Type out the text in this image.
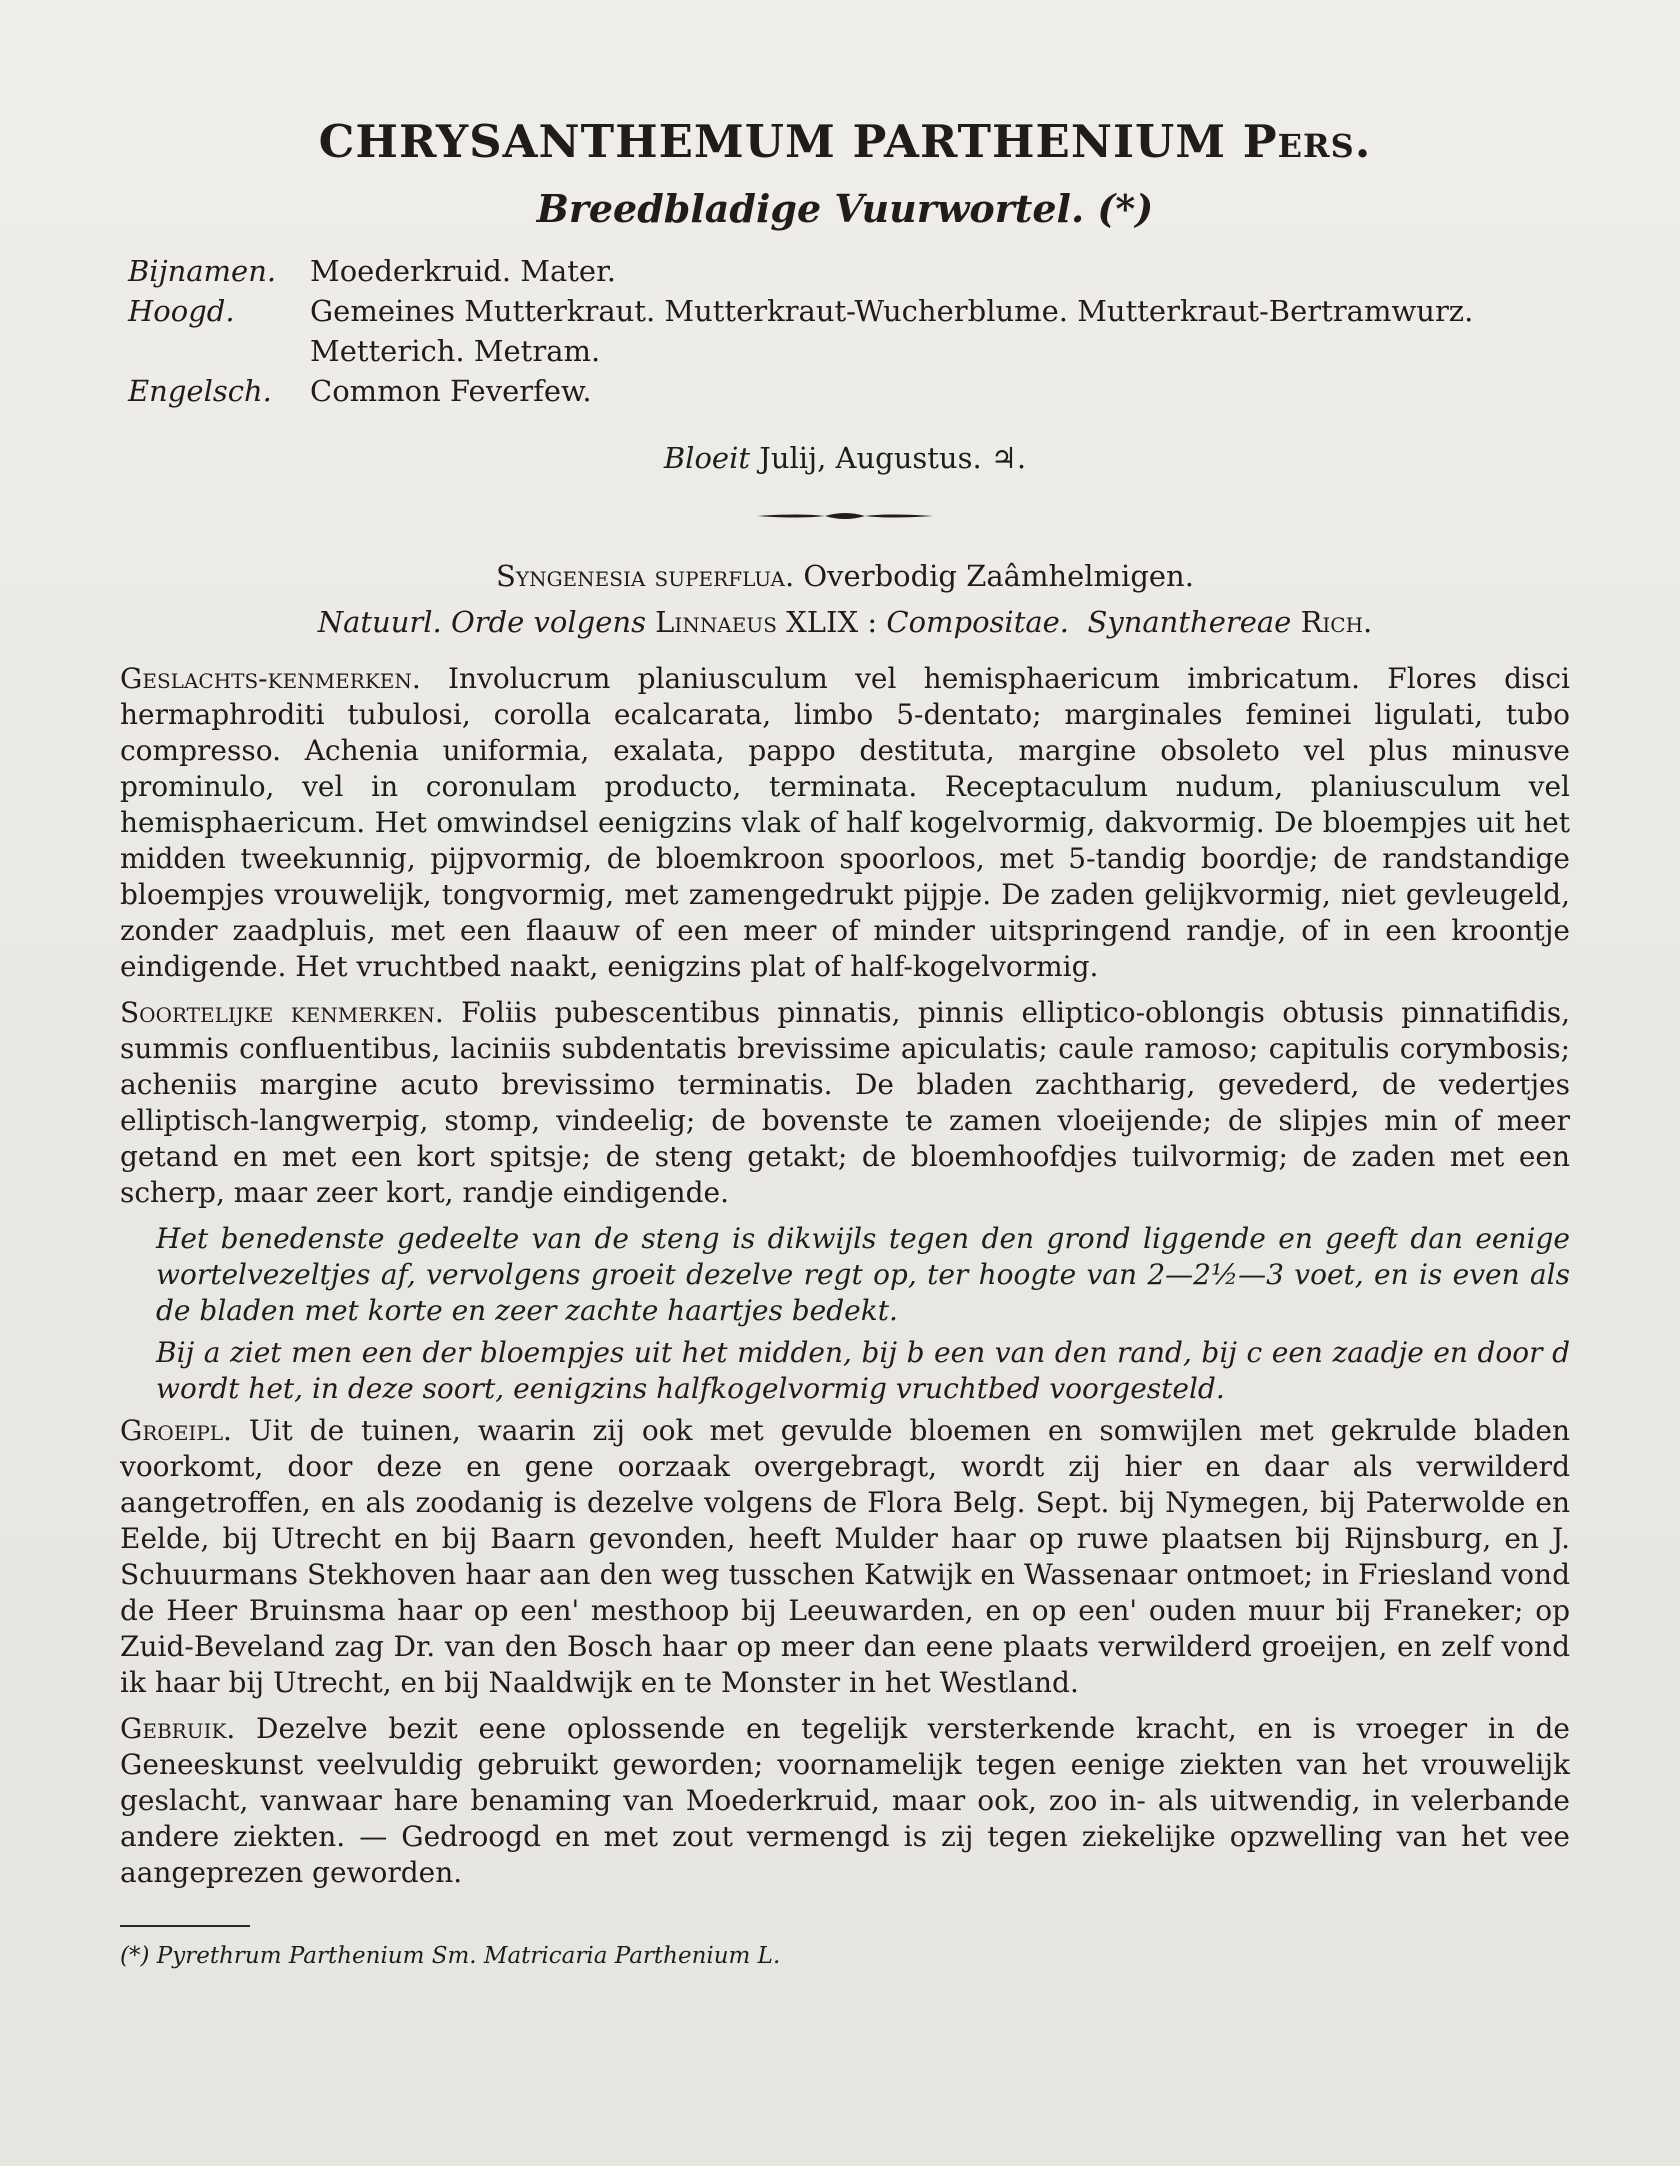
CHRYSANTHEMUM PARTHENIUM Pers.
Breedbladige Vuurwortel. (*)
Bijnamen.	Moederkruid. Mater.
Hoogd.	Gemeines Mutterkraut. Mutterkraut-Wucherblume. Mutterkraut-Bertramwurz. Metterich. Metram.
Engelsch.	Common Feverfew.
Bloeit Julij, Augustus. ♃.
Syngenesia superflua. Overbodig Zaâmhelmigen.
Natuurl. Orde volgens Linnaeus XLIX : Compositae. Synanthereae Rich.

Geslachts-kenmerken. Involucrum planiusculum vel hemisphaericum imbricatum. Flores disci hermaphroditi tubulosi, corolla ecalcarata, limbo 5-dentato; marginales feminei ligulati, tubo compresso. Achenia uniformia, exalata, pappo destituta, margine obsoleto vel plus minusve prominulo, vel in coronulam producto, terminata. Receptaculum nudum, planiusculum vel hemisphaericum. Het omwindsel eenigzins vlak of half kogelvormig, dakvormig. De bloempjes uit het midden tweekunnig, pijpvormig, de bloemkroon spoorloos, met 5-tandig boordje; de randstandige bloempjes vrouwelijk, tongvormig, met zamengedrukt pijpje. De zaden gelijkvormig, niet gevleugeld, zonder zaadpluis, met een flaauw of een meer of minder uitspringend randje, of in een kroontje eindigende. Het vruchtbed naakt, eenigzins plat of half-kogelvormig.

Soortelijke kenmerken. Foliis pubescentibus pinnatis, pinnis elliptico-oblongis obtusis pinnatifidis, summis confluentibus, laciniis subdentatis brevissime apiculatis; caule ramoso; capitulis corymbosis; acheniis margine acuto brevissimo terminatis. De bladen zachtharig, gevederd, de vedertjes elliptisch-langwerpig, stomp, vindeelig; de bovenste te zamen vloeijende; de slipjes min of meer getand en met een kort spitsje; de steng getakt; de bloemhoofdjes tuilvormig; de zaden met een scherp, maar zeer kort, randje eindigende.

Het benedenste gedeelte van de steng is dikwijls tegen den grond liggende en geeft dan eenige wortelvezeltjes af, vervolgens groeit dezelve regt op, ter hoogte van 2—2½—3 voet, en is even als de bladen met korte en zeer zachte haartjes bedekt.

Bij a ziet men een der bloempjes uit het midden, bij b een van den rand, bij c een zaadje en door d wordt het, in deze soort, eenigzins halfkogelvormig vruchtbed voorgesteld.

Groeipl. Uit de tuinen, waarin zij ook met gevulde bloemen en somwijlen met gekrulde bladen voorkomt, door deze en gene oorzaak overgebragt, wordt zij hier en daar als verwilderd aangetroffen, en als zoodanig is dezelve volgens de Flora Belg. Sept. bij Nymegen, bij Paterwolde en Eelde, bij Utrecht en bij Baarn gevonden, heeft Mulder haar op ruwe plaatsen bij Rijnsburg, en J. Schuurmans Stekhoven haar aan den weg tusschen Katwijk en Wassenaar ontmoet; in Friesland vond de Heer Bruinsma haar op een' mesthoop bij Leeuwarden, en op een' ouden muur bij Franeker; op Zuid-Beveland zag Dr. van den Bosch haar op meer dan eene plaats verwilderd groeijen, en zelf vond ik haar bij Utrecht, en bij Naaldwijk en te Monster in het Westland.

Gebruik. Dezelve bezit eene oplossende en tegelijk versterkende kracht, en is vroeger in de Geneeskunst veelvuldig gebruikt geworden; voornamelijk tegen eenige ziekten van het vrouwelijk geslacht, vanwaar hare benaming van Moederkruid, maar ook, zoo in- als uitwendig, in velerbande andere ziekten. — Gedroogd en met zout vermengd is zij tegen ziekelijke opzwelling van het vee aangeprezen geworden.

(*) Pyrethrum Parthenium Sm. Matricaria Parthenium L.
